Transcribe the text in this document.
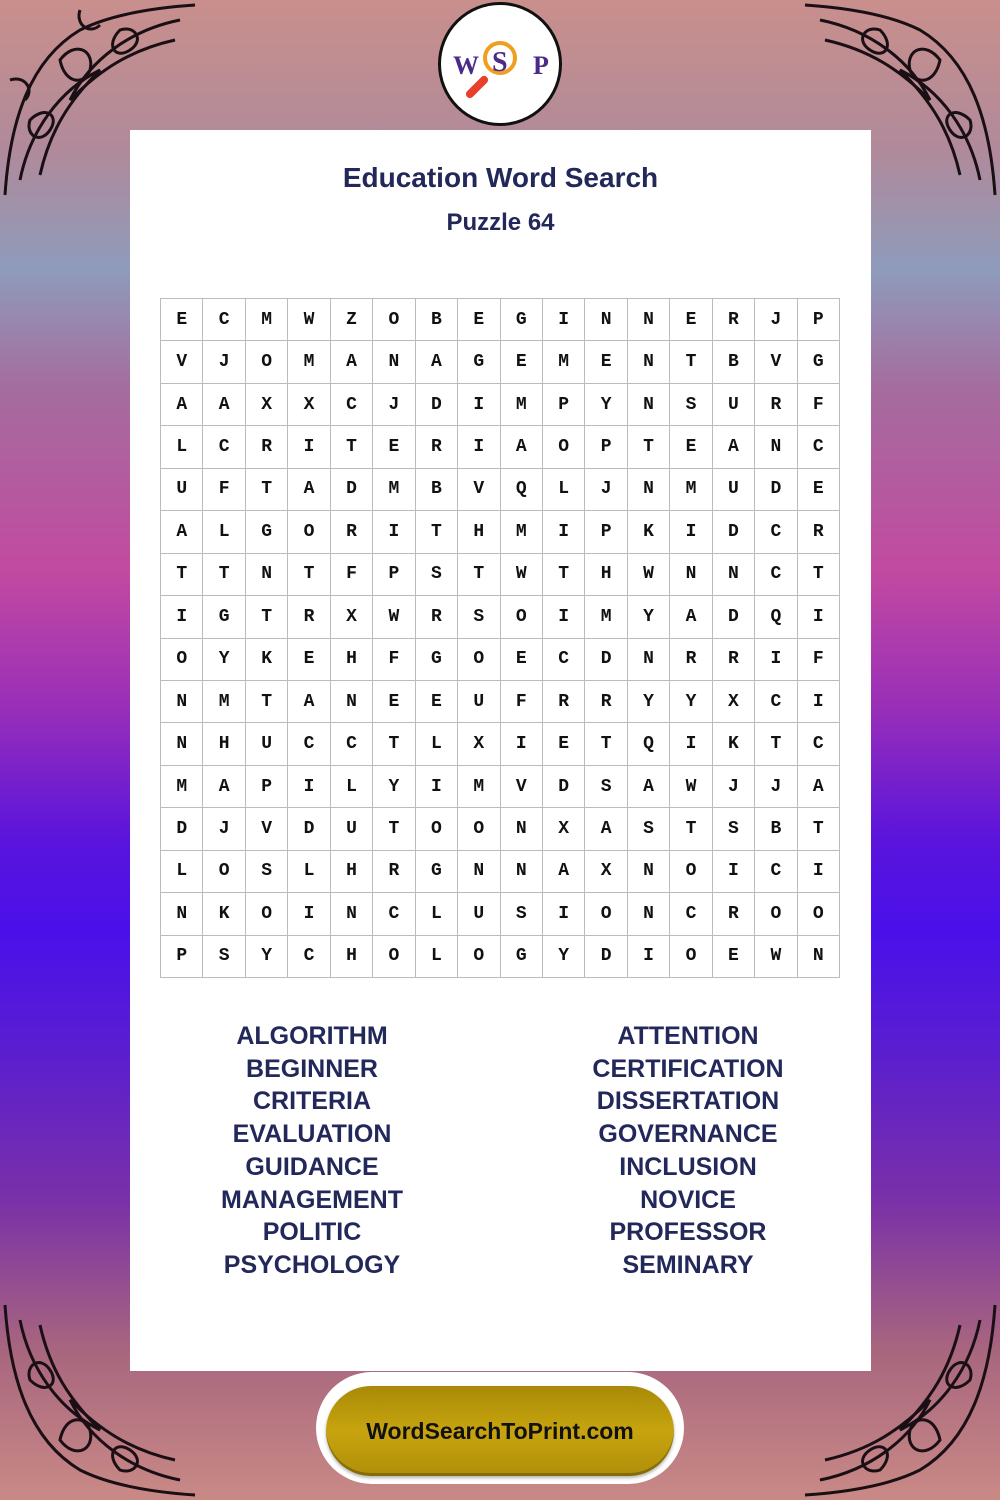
W S P
Education Word Search
Puzzle 64
E	C	M	W	Z	O	B	E	G	I	N	N	E	R	J	P
V	J	O	M	A	N	A	G	E	M	E	N	T	B	V	G
A	A	X	X	C	J	D	I	M	P	Y	N	S	U	R	F
L	C	R	I	T	E	R	I	A	O	P	T	E	A	N	C
U	F	T	A	D	M	B	V	Q	L	J	N	M	U	D	E
A	L	G	O	R	I	T	H	M	I	P	K	I	D	C	R
T	T	N	T	F	P	S	T	W	T	H	W	N	N	C	T
I	G	T	R	X	W	R	S	O	I	M	Y	A	D	Q	I
O	Y	K	E	H	F	G	O	E	C	D	N	R	R	I	F
N	M	T	A	N	E	E	U	F	R	R	Y	Y	X	C	I
N	H	U	C	C	T	L	X	I	E	T	Q	I	K	T	C
M	A	P	I	L	Y	I	M	V	D	S	A	W	J	J	A
D	J	V	D	U	T	O	O	N	X	A	S	T	S	B	T
L	O	S	L	H	R	G	N	N	A	X	N	O	I	C	I
N	K	O	I	N	C	L	U	S	I	O	N	C	R	O	O
P	S	Y	C	H	O	L	O	G	Y	D	I	O	E	W	N
ALGORITHM
BEGINNER
CRITERIA
EVALUATION
GUIDANCE
MANAGEMENT
POLITIC
PSYCHOLOGY
ATTENTION
CERTIFICATION
DISSERTATION
GOVERNANCE
INCLUSION
NOVICE
PROFESSOR
SEMINARY
WordSearchToPrint.com
